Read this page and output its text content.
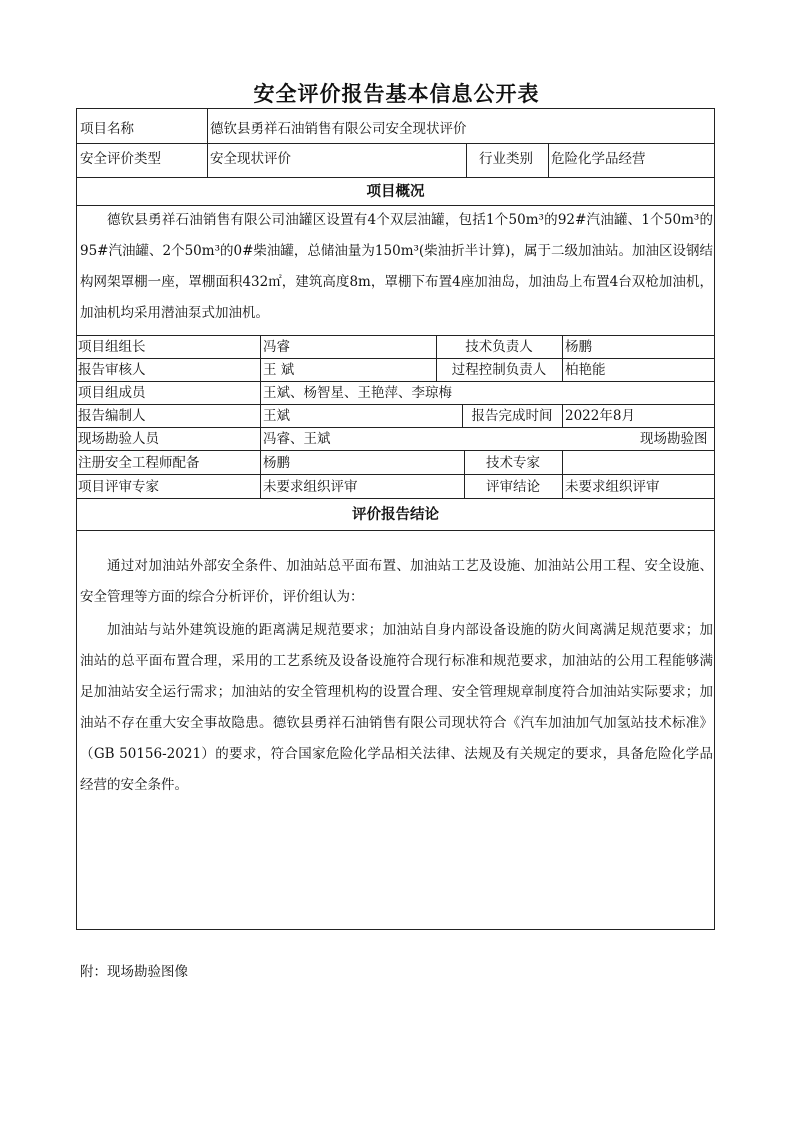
安全评价报告基本信息公开表
项目名称	德钦县勇祥石油销售有限公司安全现状评价
安全评价类型	安全现状评价	行业类别	危险化学品经营
项目概况

德钦县勇祥石油销售有限公司油罐区设置有4个双层油罐，包括1个50m³的92#汽油罐、1个50m³的95#汽油罐、2个50m³的0#柴油罐，总储油量为150m³(柴油折半计算)，属于二级加油站。加油区设钢结构网架罩棚一座，罩棚面积432㎡，建筑高度8m，罩棚下布置4座加油岛，加油岛上布置4台双枪加油机，加油机均采用潜油泵式加油机。

项目组组长	冯睿	技术负责人	杨鹏
报告审核人	王 斌	过程控制负责人	柏艳能
项目组成员	王斌、杨智星、王艳萍、李琼梅
报告编制人	王斌	报告完成时间 2022年8月
现场勘验人员	冯睿、王斌	现场勘验图
注册安全工程师配备	杨鹏	技术专家
项目评审专家	未要求组织评审	评审结论	未要求组织评审
评价报告结论

通过对加油站外部安全条件、加油站总平面布置、加油站工艺及设施、加油站公用工程、安全设施、安全管理等方面的综合分析评价，评价组认为：

加油站与站外建筑设施的距离满足规范要求；加油站自身内部设备设施的防火间离满足规范要求；加油站的总平面布置合理，采用的工艺系统及设备设施符合现行标准和规范要求，加油站的公用工程能够满足加油站安全运行需求；加油站的安全管理机构的设置合理、安全管理规章制度符合加油站实际要求；加油站不存在重大安全事故隐患。德钦县勇祥石油销售有限公司现状符合《汽车加油加气加氢站技术标准》（GB 50156-2021）的要求，符合国家危险化学品相关法律、法规及有关规定的要求，具备危险化学品经营的安全条件。

附：现场勘验图像
